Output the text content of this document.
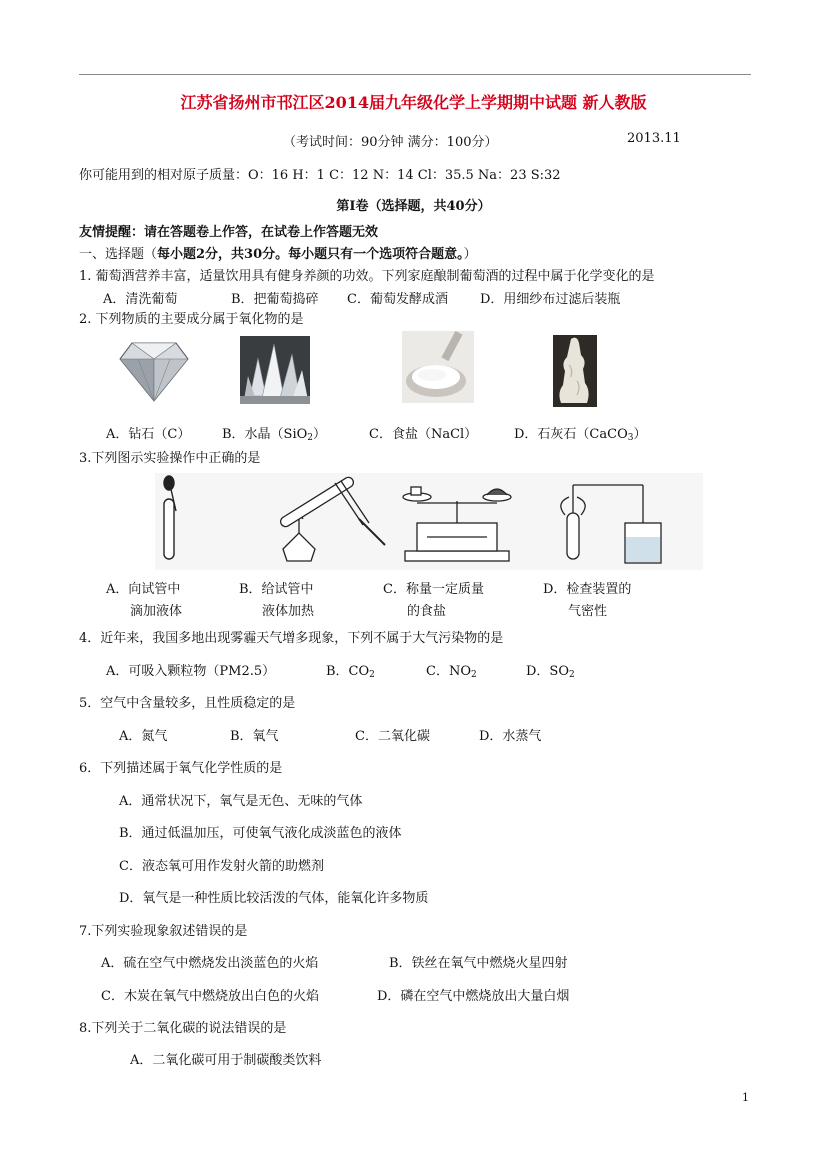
江苏省扬州市邗江区2014届九年级化学上学期期中试题 新人教版
（考试时间：90分钟 满分：100分）	2013.11
你可能用到的相对原子质量：O：16 H：1 C：12 N：14 Cl：35.5 Na：23 S:32
第Ⅰ卷（选择题，共40分）
友情提醒：请在答题卷上作答，在试卷上作答题无效
一、选择题（每小题2分，共30分。每小题只有一个选项符合题意。）
1. 葡萄酒营养丰富，适量饮用具有健身养颜的功效。下列家庭酿制葡萄酒的过程中属于化学变化的是
A．清洗葡萄	B．把葡萄捣碎 C．葡萄发酵成酒 D．用细纱布过滤后装瓶
2. 下列物质的主要成分属于氧化物的是
A．钻石（C） B．水晶（SiO$_2$）	C．食盐（NaCl）	D．石灰石（CaCO$_3$）
3.下列图示实验操作中正确的是
A．向试管中
滴加液体
B．给试管中
液体加热
C．称量一定质量
的食盐
D．检查装置的
气密性
4．近年来，我国多地出现雾霾天气增多现象，下列不属于大气污染物的是
A．可吸入颗粒物（PM2.5）	B．$CO_2$	C．$NO_2$	D．$SO_2$
5．空气中含量较多，且性质稳定的是
A．氮气	B．氧气	C．二氧化碳	D．水蒸气
6．下列描述属于氧气化学性质的是
A．通常状况下，氧气是无色、无味的气体
B．通过低温加压，可使氧气液化成淡蓝色的液体
C．液态氧可用作发射火箭的助燃剂
D．氧气是一种性质比较活泼的气体，能氧化许多物质
7.下列实验现象叙述错误的是
A．硫在空气中燃烧发出淡蓝色的火焰	B．铁丝在氧气中燃烧火星四射
C．木炭在氧气中燃烧放出白色的火焰	D．磷在空气中燃烧放出大量白烟
8.下列关于二氧化碳的说法错误的是
A．二氧化碳可用于制碳酸类饮料
1
